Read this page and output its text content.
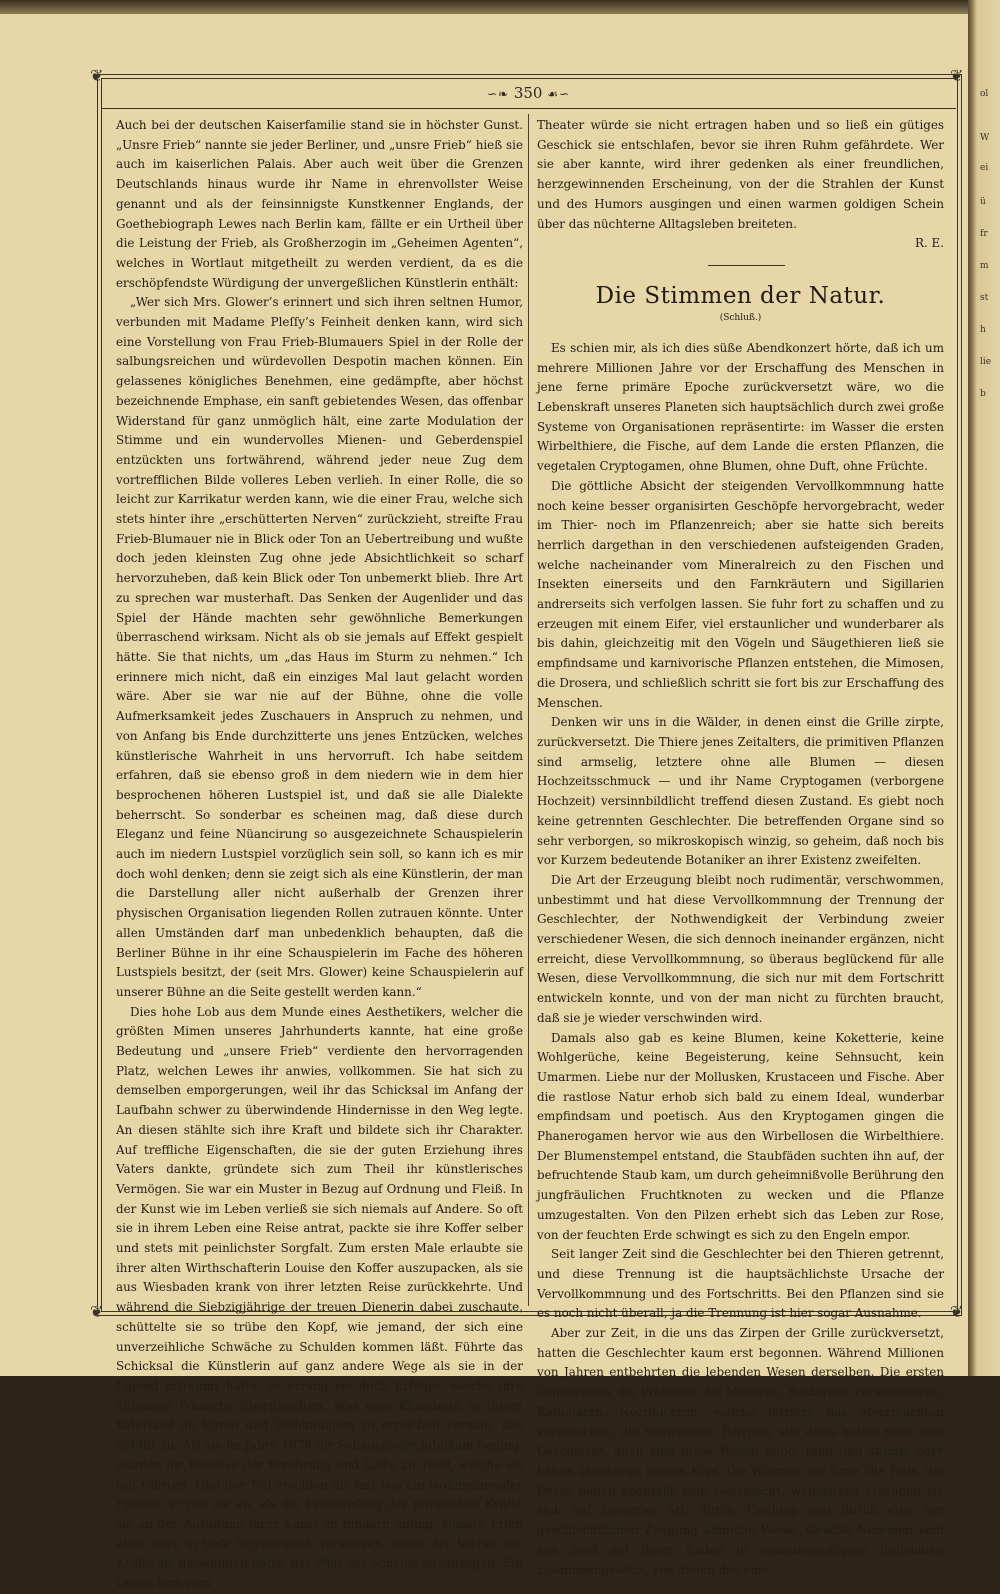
ol
W
ei
ü
fr
m
st
h
lie
b
❦	❦
❦	❦
∽❧ 350 ☙∽

Auch bei der deutschen Kaiserfamilie stand sie in höchster Gunst. „Unsre Frieb“ nannte sie jeder Berliner, und „unsre Frieb“ hieß sie auch im kaiserlichen Palais. Aber auch weit über die Grenzen Deutschlands hinaus wurde ihr Name in ehrenvollster Weise genannt und als der feinsinnigste Kunstkenner Englands, der Goethebiograph Lewes nach Berlin kam, fällte er ein Urtheil über die Leistung der Frieb, als Großherzogin im „Geheimen Agenten“, welches in Wortlaut mitgetheilt zu werden verdient, da es die erschöpfendste Würdigung der unvergeßlichen Künstlerin enthält:

„Wer sich Mrs. Glower’s erinnert und sich ihren seltnen Humor, verbunden mit Madame Pleſſy’s Feinheit denken kann, wird sich eine Vorstellung von Frau Frieb-Blumauers Spiel in der Rolle der salbungsreichen und würdevollen Despotin machen können. Ein gelassenes königliches Benehmen, eine gedämpfte, aber höchst bezeichnende Emphase, ein sanft gebietendes Wesen, das offenbar Widerstand für ganz unmöglich hält, eine zarte Modulation der Stimme und ein wundervolles Mienen- und Geberdenspiel entzückten uns fortwährend, während jeder neue Zug dem vortrefflichen Bilde volleres Leben verlieh. In einer Rolle, die so leicht zur Karrikatur werden kann, wie die einer Frau, welche sich stets hinter ihre „erschütterten Nerven“ zurückzieht, streifte Frau Frieb-Blumauer nie in Blick oder Ton an Uebertreibung und wußte doch jeden kleinsten Zug ohne jede Absichtlichkeit so scharf hervorzuheben, daß kein Blick oder Ton unbemerkt blieb. Ihre Art zu sprechen war musterhaft. Das Senken der Augenlider und das Spiel der Hände machten sehr gewöhnliche Bemerkungen überraschend wirksam. Nicht als ob sie jemals auf Effekt gespielt hätte. Sie that nichts, um „das Haus im Sturm zu nehmen.“ Ich erinnere mich nicht, daß ein einziges Mal laut gelacht worden wäre. Aber sie war nie auf der Bühne, ohne die volle Aufmerksamkeit jedes Zuschauers in Anspruch zu nehmen, und von Anfang bis Ende durchzitterte uns jenes Entzücken, welches künstlerische Wahrheit in uns hervorruft. Ich habe seitdem erfahren, daß sie ebenso groß in dem niedern wie in dem hier besprochenen höheren Lustspiel ist, und daß sie alle Dialekte beherrscht. So sonderbar es scheinen mag, daß diese durch Eleganz und feine Nüancirung so ausgezeichnete Schauspielerin auch im niedern Lustspiel vorzüglich sein soll, so kann ich es mir doch wohl denken; denn sie zeigt sich als eine Künstlerin, der man die Darstellung aller nicht außerhalb der Grenzen ihrer physischen Organisation liegenden Rollen zutrauen könnte. Unter allen Umständen darf man unbedenklich behaupten, daß die Berliner Bühne in ihr eine Schauspielerin im Fache des höheren Lustspiels besitzt, der (seit Mrs. Glower) keine Schauspielerin auf unserer Bühne an die Seite gestellt werden kann.“

Dies hohe Lob aus dem Munde eines Aesthetikers, welcher die größten Mimen unseres Jahrhunderts kannte, hat eine große Bedeutung und „unsere Frieb“ verdiente den hervorragenden Platz, welchen Lewes ihr anwies, vollkommen. Sie hat sich zu demselben emporgerungen, weil ihr das Schicksal im Anfang der Laufbahn schwer zu überwindende Hindernisse in den Weg legte. An diesen stählte sich ihre Kraft und bildete sich ihr Charakter. Auf treffliche Eigenschaften, die sie der guten Erziehung ihres Vaters dankte, gründete sich zum Theil ihr künstlerisches Vermögen. Sie war ein Muster in Bezug auf Ordnung und Fleiß. In der Kunst wie im Leben verließ sie sich niemals auf Andere. So oft sie in ihrem Leben eine Reise antrat, packte sie ihre Koffer selber und stets mit peinlichster Sorgfalt. Zum ersten Male erlaubte sie ihrer alten Wirthschafterin Louise den Koffer auszupacken, als sie aus Wiesbaden krank von ihrer letzten Reise zurückkehrte. Und während die Siebzigjährige der treuen Dienerin dabei zuschaute, schüttelte sie so trübe den Kopf, wie jemand, der sich eine unverzeihliche Schwäche zu Schulden kommen läßt. Führte das Schicksal die Künstlerin auf ganz andere Wege als sie in der Jugend erträumt hatte, so errang sie doch Erfolge, welche ihre kühnsten Wünsche überflügelten. Was eine Künstlerin in ihrem Vaterland an Ehren und Belohnungen zu erreichen vermag, das fiel ihr zu. Als sie im Jahre 1878 ihr Schauspieler-Jubiläum beging, wurden ihr Beweise der Verehrung und Liebe zu Theil, welche sie tief rührten. Und der Tod erschien ihr fast wie ein wohlmeinender Freund; er rief sie ab, als die Erschöpfung der physischen Kräfte sie an der Ausübung ihrer Kunst zu hindern anfing. Unsere Frieb aber wäre in tiefe Schwermuth versunken, wenn der Verfall der Kräfte sie gezwungen hätte, der Welt des Scheins zu entsagen. Ein Leben fern vom

Theater würde sie nicht ertragen haben und so ließ ein gütiges Geschick sie entschlafen, bevor sie ihren Ruhm gefährdete. Wer sie aber kannte, wird ihrer gedenken als einer freundlichen, herzgewinnenden Erscheinung, von der die Strahlen der Kunst und des Humors ausgingen und einen warmen goldigen Schein über das nüchterne Alltagsleben breiteten.
R. E.

Die Stimmen der Natur.
(Schluß.)

Es schien mir, als ich dies süße Abendkonzert hörte, daß ich um mehrere Millionen Jahre vor der Erschaffung des Menschen in jene ferne primäre Epoche zurückversetzt wäre, wo die Lebenskraft unseres Planeten sich hauptsächlich durch zwei große Systeme von Organisationen repräsentirte: im Wasser die ersten Wirbelthiere, die Fische, auf dem Lande die ersten Pflanzen, die vegetalen Cryptogamen, ohne Blumen, ohne Duft, ohne Früchte.

Die göttliche Absicht der steigenden Vervollkommnung hatte noch keine besser organisirten Geschöpfe hervorgebracht, weder im Thier- noch im Pflanzenreich; aber sie hatte sich bereits herrlich dargethan in den verschiedenen aufsteigenden Graden, welche nacheinander vom Mineralreich zu den Fischen und Insekten einerseits und den Farnkräutern und Sigillarien andrerseits sich verfolgen lassen. Sie fuhr fort zu schaffen und zu erzeugen mit einem Eifer, viel erstaunlicher und wunderbarer als bis dahin, gleichzeitig mit den Vögeln und Säugethieren ließ sie empfindsame und karnivorische Pflanzen entstehen, die Mimosen, die Drosera, und schließlich schritt sie fort bis zur Erschaffung des Menschen.

Denken wir uns in die Wälder, in denen einst die Grille zirpte, zurückversetzt. Die Thiere jenes Zeitalters, die primitiven Pflanzen sind armselig, letztere ohne alle Blumen — diesen Hochzeitsschmuck — und ihr Name Cryptogamen (verborgene Hochzeit) versinnbildlicht treffend diesen Zustand. Es giebt noch keine getrennten Geschlechter. Die betreffenden Organe sind so sehr verborgen, so mikroskopisch winzig, so geheim, daß noch bis vor Kurzem bedeutende Botaniker an ihrer Existenz zweifelten.

Die Art der Erzeugung bleibt noch rudimentär, verschwommen, unbestimmt und hat diese Vervollkommnung der Trennung der Geschlechter, der Nothwendigkeit der Verbindung zweier verschiedener Wesen, die sich dennoch ineinander ergänzen, nicht erreicht, diese Vervollkommnung, so überaus beglückend für alle Wesen, diese Vervollkommnung, die sich nur mit dem Fortschritt entwickeln konnte, und von der man nicht zu fürchten braucht, daß sie je wieder verschwinden wird.

Damals also gab es keine Blumen, keine Koketterie, keine Wohlgerüche, keine Begeisterung, keine Sehnsucht, kein Umarmen. Liebe nur der Mollusken, Krustaceen und Fische. Aber die rastlose Natur erhob sich bald zu einem Ideal, wunderbar empfindsam und poetisch. Aus den Kryptogamen gingen die Phanerogamen hervor wie aus den Wirbellosen die Wirbelthiere. Der Blumenstempel entstand, die Staubfäden suchten ihn auf, der befruchtende Staub kam, um durch geheimnißvolle Berührung den jungfräulichen Fruchtknoten zu wecken und die Pflanze umzugestalten. Von den Pilzen erhebt sich das Leben zur Rose, von der feuchten Erde schwingt es sich zu den Engeln empor.

Seit langer Zeit sind die Geschlechter bei den Thieren getrennt, und diese Trennung ist die hauptsächlichste Ursache der Vervollkommnung und des Fortschritts. Bei den Pflanzen sind sie es noch nicht überall, ja die Trennung ist hier sogar Ausnahme.

Aber zur Zeit, in die uns das Zirpen der Grille zurückversetzt, hatten die Geschlechter kaum erst begonnen. Während Millionen von Jahren entbehrten die lebenden Wesen derselben. Die ersten Organismen, die Protisten, die Moneren, Bakterien, Foraminiferen, Radiolaren, Noctiluceren, welche letztere das Meerleuchten verursachen, die Schwämme, Polypen, alle diese haben noch kein Geschlecht, auch sind diese Wesen blind, taub und stumm oder haben überhaupt keinen Kopf. Die Würmer der Erde, die Naïs, die Deros haben ebenfalls kein Geschlecht, wenigstens erzeugen sie sich auf zweierlei Art, durch Theilung und durch eine der geschlechtlichen Zeugung ähnliche Weise. Gewiße Nereiden sind aus zwei mit ihren Enden in einandergefügten Individuen zusammengesetzt, von denen das eine
